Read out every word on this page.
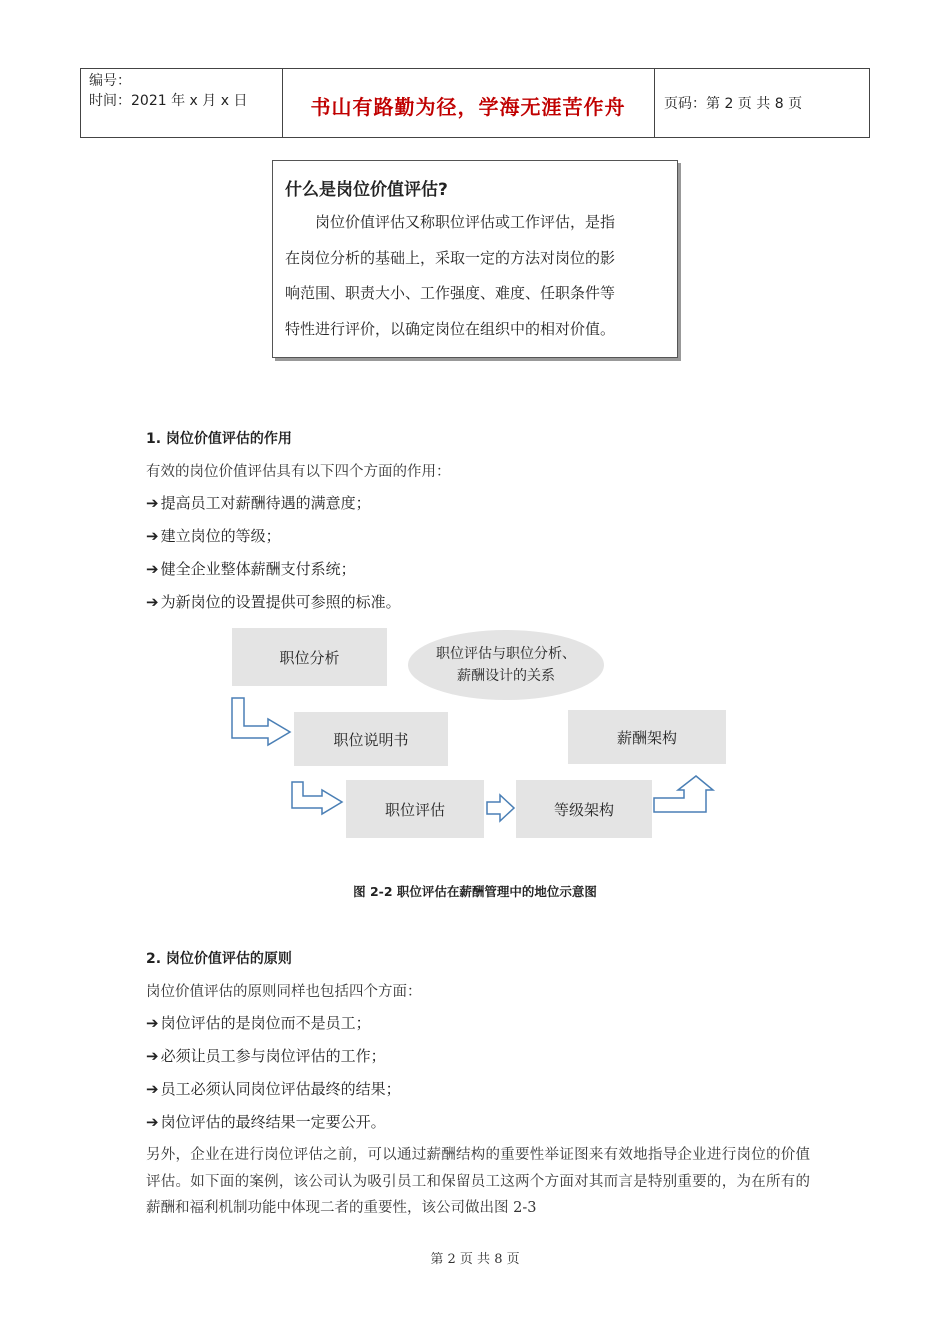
编号：
时间：2021 年 x 月 x 日	书山有路勤为径，学海无涯苦作舟	页码：第 2 页 共 8 页
什么是岗位价值评估?
岗位价值评估又称职位评估或工作评估，是指
在岗位分析的基础上，采取一定的方法对岗位的影
响范围、职责大小、工作强度、难度、任职条件等
特性进行评价，以确定岗位在组织中的相对价值。
1. 岗位价值评估的作用
有效的岗位价值评估具有以下四个方面的作用：
➔ 提高员工对薪酬待遇的满意度；
➔ 建立岗位的等级；
➔ 健全企业整体薪酬支付系统；
➔ 为新岗位的设置提供可参照的标准。
职位分析	职位评估与职位分析、
薪酬设计的关系
职位说明书	薪酬架构
职位评估	等级架构
图 2-2 职位评估在薪酬管理中的地位示意图
2. 岗位价值评估的原则
岗位价值评估的原则同样也包括四个方面：
➔ 岗位评估的是岗位而不是员工；
➔ 必须让员工参与岗位评估的工作；
➔ 员工必须认同岗位评估最终的结果；
➔ 岗位评估的最终结果一定要公开。
另外，企业在进行岗位评估之前，可以通过薪酬结构的重要性举证图来有效地指导企业进行岗位的价值评估。如下面的案例，该公司认为吸引员工和保留员工这两个方面对其而言是特别重要的，为在所有的薪酬和福利机制功能中体现二者的重要性，该公司做出图 2-3
第 2 页 共 8 页
